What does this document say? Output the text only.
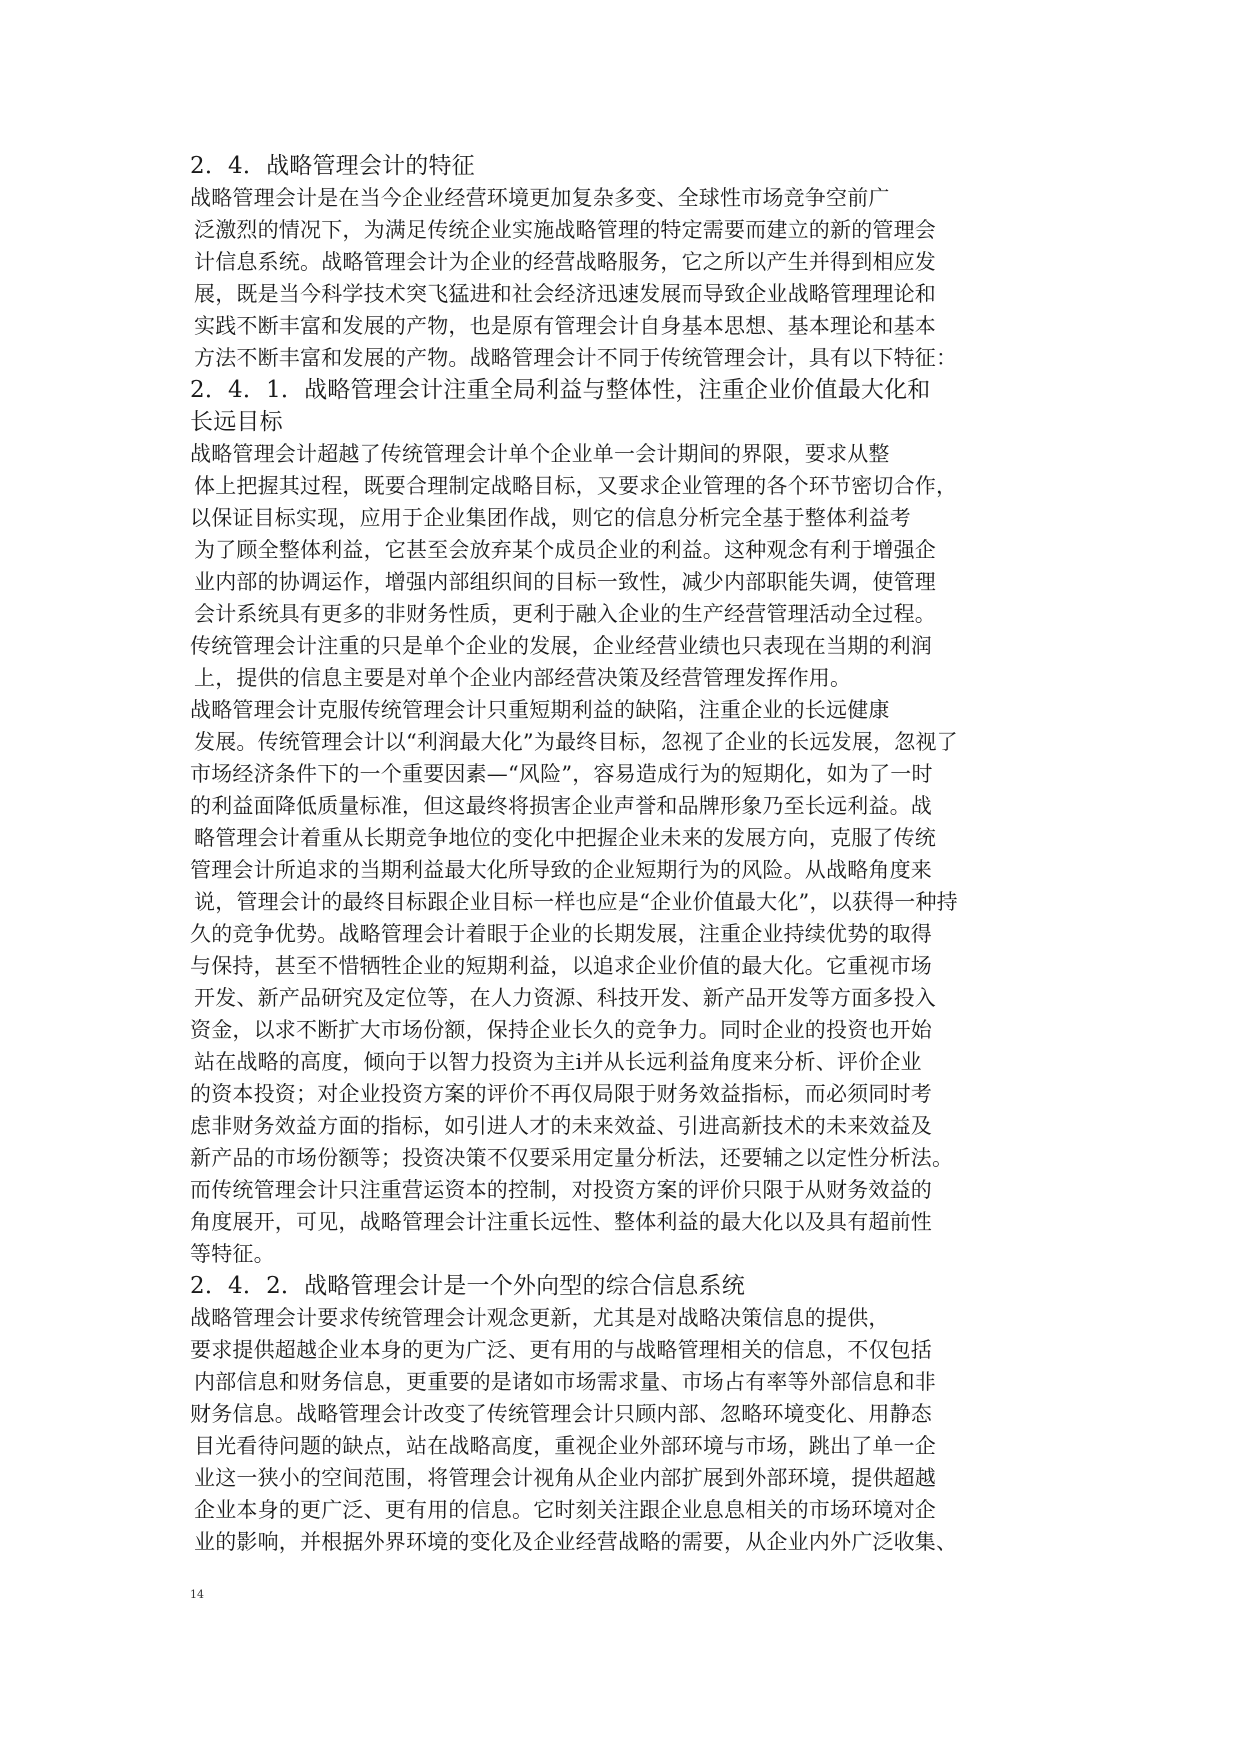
2．4．战略管理会计的特征
战略管理会计是在当今企业经营环境更加复杂多变、全球性市场竞争空前广
泛激烈的情况下，为满足传统企业实施战略管理的特定需要而建立的新的管理会
计信息系统。战略管理会计为企业的经营战略服务，它之所以产生并得到相应发
展，既是当今科学技术突飞猛进和社会经济迅速发展而导致企业战略管理理论和
实践不断丰富和发展的产物，也是原有管理会计自身基本思想、基本理论和基本
方法不断丰富和发展的产物。战略管理会计不同于传统管理会计，具有以下特征：
2．4．1．战略管理会计注重全局利益与整体性，注重企业价值最大化和
长远目标
战略管理会计超越了传统管理会计单个企业单一会计期间的界限，要求从整
体上把握其过程，既要合理制定战略目标，又要求企业管理的各个环节密切合作，
以保证目标实现，应用于企业集团作战，则它的信息分析完全基于整体利益考
为了顾全整体利益，它甚至会放弃某个成员企业的利益。这种观念有利于增强企
业内部的协调运作，增强内部组织间的目标一致性，减少内部职能失调，使管理
会计系统具有更多的非财务性质，更利于融入企业的生产经营管理活动全过程。
传统管理会计注重的只是单个企业的发展，企业经营业绩也只表现在当期的利润
上，提供的信息主要是对单个企业内部经营决策及经营管理发挥作用。
战略管理会计克服传统管理会计只重短期利益的缺陷，注重企业的长远健康
发展。传统管理会计以“利润最大化”为最终目标，忽视了企业的长远发展，忽视了
市场经济条件下的一个重要因素—“风险”，容易造成行为的短期化，如为了一时
的利益面降低质量标准，但这最终将损害企业声誉和品牌形象乃至长远利益。战
略管理会计着重从长期竞争地位的变化中把握企业未来的发展方向，克服了传统
管理会计所追求的当期利益最大化所导致的企业短期行为的风险。从战略角度来
说，管理会计的最终目标跟企业目标一样也应是“企业价值最大化”，以获得一种持
久的竞争优势。战略管理会计着眼于企业的长期发展，注重企业持续优势的取得
与保持，甚至不惜牺牲企业的短期利益，以追求企业价值的最大化。它重视市场
开发、新产品研究及定位等，在人力资源、科技开发、新产品开发等方面多投入
资金，以求不断扩大市场份额，保持企业长久的竞争力。同时企业的投资也开始
站在战略的高度，倾向于以智力投资为主i并从长远利益角度来分析、评价企业
的资本投资；对企业投资方案的评价不再仅局限于财务效益指标，而必须同时考
虑非财务效益方面的指标，如引进人才的未来效益、引进高新技术的未来效益及
新产品的市场份额等；投资决策不仅要采用定量分析法，还要辅之以定性分析法。
而传统管理会计只注重营运资本的控制，对投资方案的评价只限于从财务效益的
角度展开，可见，战略管理会计注重长远性、整体利益的最大化以及具有超前性
等特征。
2．4．2．战略管理会计是一个外向型的综合信息系统
战略管理会计要求传统管理会计观念更新，尤其是对战略决策信息的提供，
要求提供超越企业本身的更为广泛、更有用的与战略管理相关的信息，不仅包括
内部信息和财务信息，更重要的是诸如市场需求量、市场占有率等外部信息和非
财务信息。战略管理会计改变了传统管理会计只顾内部、忽略环境变化、用静态
目光看待问题的缺点，站在战略高度，重视企业外部环境与市场，跳出了单一企
业这一狭小的空间范围，将管理会计视角从企业内部扩展到外部环境，提供超越
企业本身的更广泛、更有用的信息。它时刻关注跟企业息息相关的市场环境对企
业的影响，并根据外界环境的变化及企业经营战略的需要，从企业内外广泛收集、
14
